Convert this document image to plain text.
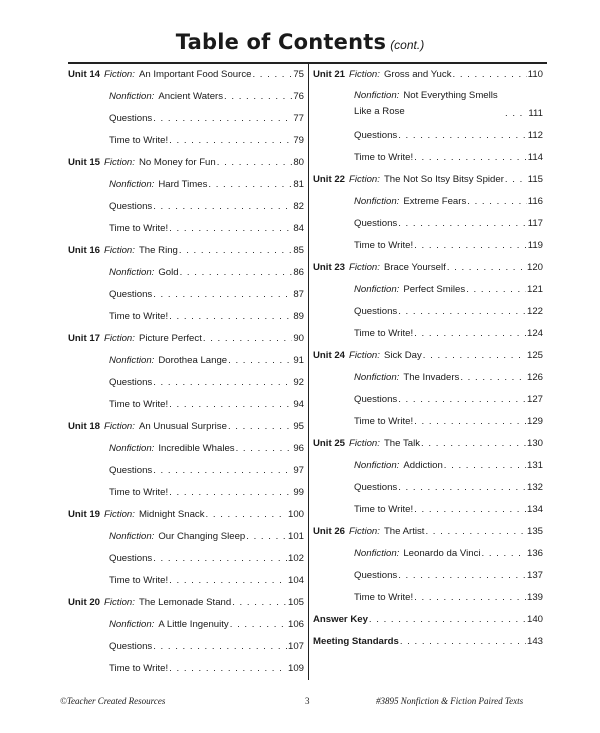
Table of Contents (cont.)
Unit 14 Fiction: An Important Food Source . . .	75
Nonfiction: Ancient Waters . . .	76
Questions . . .	77
Time to Write! . . .	79
Unit 15 Fiction: No Money for Fun . . .	80
Nonfiction: Hard Times . . .	81
Questions . . .	82
Time to Write! . . .	84
Unit 16 Fiction: The Ring . . .	85
Nonfiction: Gold . . .	86
Questions . . .	87
Time to Write! . . .	89
Unit 17 Fiction: Picture Perfect . . .	90
Nonfiction: Dorothea Lange . . .	91
Questions . . .	92
Time to Write! . . .	94
Unit 18 Fiction: An Unusual Surprise . . .	95
Nonfiction: Incredible Whales . . .	96
Questions . . .	97
Time to Write! . . .	99
Unit 19 Fiction: Midnight Snack . . .	100
Nonfiction: Our Changing Sleep . . .	101
Questions . . .	102
Time to Write! . . .	104
Unit 20 Fiction: The Lemonade Stand . . .	105
Nonfiction: A Little Ingenuity . . .	106
Questions . . .	107
Time to Write! . . .	109
Unit 21 Fiction: Gross and Yuck . . .	110
Nonfiction: Not Everything Smells Like a Rose . . .	111
Questions . . .	112
Time to Write! . . .	114
Unit 22 Fiction: The Not So Itsy Bitsy Spider . . . 115
Nonfiction: Extreme Fears . . .	116
Questions . . .	117
Time to Write! . . .	119
Unit 23 Fiction: Brace Yourself . . .	120
Nonfiction: Perfect Smiles . . .	121
Questions . . .	122
Time to Write! . . .	124
Unit 24 Fiction: Sick Day . . .	125
Nonfiction: The Invaders . . .	126
Questions . . .	127
Time to Write! . . .	129
Unit 25 Fiction: The Talk . . .	130
Nonfiction: Addiction . . .	131
Questions . . .	132
Time to Write! . . .	134
Unit 26 Fiction: The Artist . . .	135
Nonfiction: Leonardo da Vinci . . .	136
Questions . . .	137
Time to Write! . . .	139
Answer Key . . .	140
Meeting Standards . . .	143
©Teacher Created Resources	3	#3895 Nonfiction & Fiction Paired Texts
